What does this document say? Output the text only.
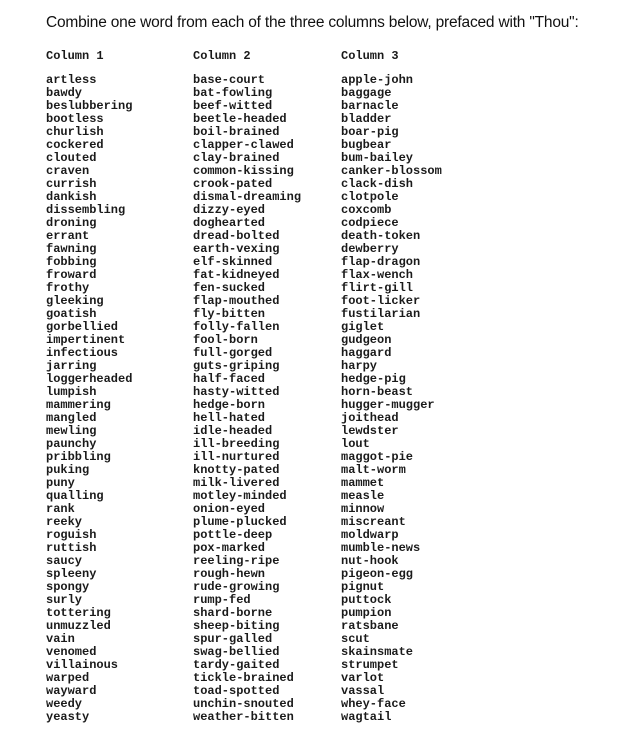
Combine one word from each of the three columns below, prefaced with "Thou":
Column 1
artless
bawdy
beslubbering
bootless
churlish
cockered
clouted
craven
currish
dankish
dissembling
droning
errant
fawning
fobbing
froward
frothy
gleeking
goatish
gorbellied
impertinent
infectious
jarring
loggerheaded
lumpish
mammering
mangled
mewling
paunchy
pribbling
puking
puny
qualling
rank
reeky
roguish
ruttish
saucy
spleeny
spongy
surly
tottering
unmuzzled
vain
venomed
villainous
warped
wayward
weedy
yeasty
Column 2
base-court
bat-fowling
beef-witted
beetle-headed
boil-brained
clapper-clawed
clay-brained
common-kissing
crook-pated
dismal-dreaming
dizzy-eyed
doghearted
dread-bolted
earth-vexing
elf-skinned
fat-kidneyed
fen-sucked
flap-mouthed
fly-bitten
folly-fallen
fool-born
full-gorged
guts-griping
half-faced
hasty-witted
hedge-born
hell-hated
idle-headed
ill-breeding
ill-nurtured
knotty-pated
milk-livered
motley-minded
onion-eyed
plume-plucked
pottle-deep
pox-marked
reeling-ripe
rough-hewn
rude-growing
rump-fed
shard-borne
sheep-biting
spur-galled
swag-bellied
tardy-gaited
tickle-brained
toad-spotted
unchin-snouted
weather-bitten
Column 3
apple-john
baggage
barnacle
bladder
boar-pig
bugbear
bum-bailey
canker-blossom
clack-dish
clotpole
coxcomb
codpiece
death-token
dewberry
flap-dragon
flax-wench
flirt-gill
foot-licker
fustilarian
giglet
gudgeon
haggard
harpy
hedge-pig
horn-beast
hugger-mugger
joithead
lewdster
lout
maggot-pie
malt-worm
mammet
measle
minnow
miscreant
moldwarp
mumble-news
nut-hook
pigeon-egg
pignut
puttock
pumpion
ratsbane
scut
skainsmate
strumpet
varlot
vassal
whey-face
wagtail
